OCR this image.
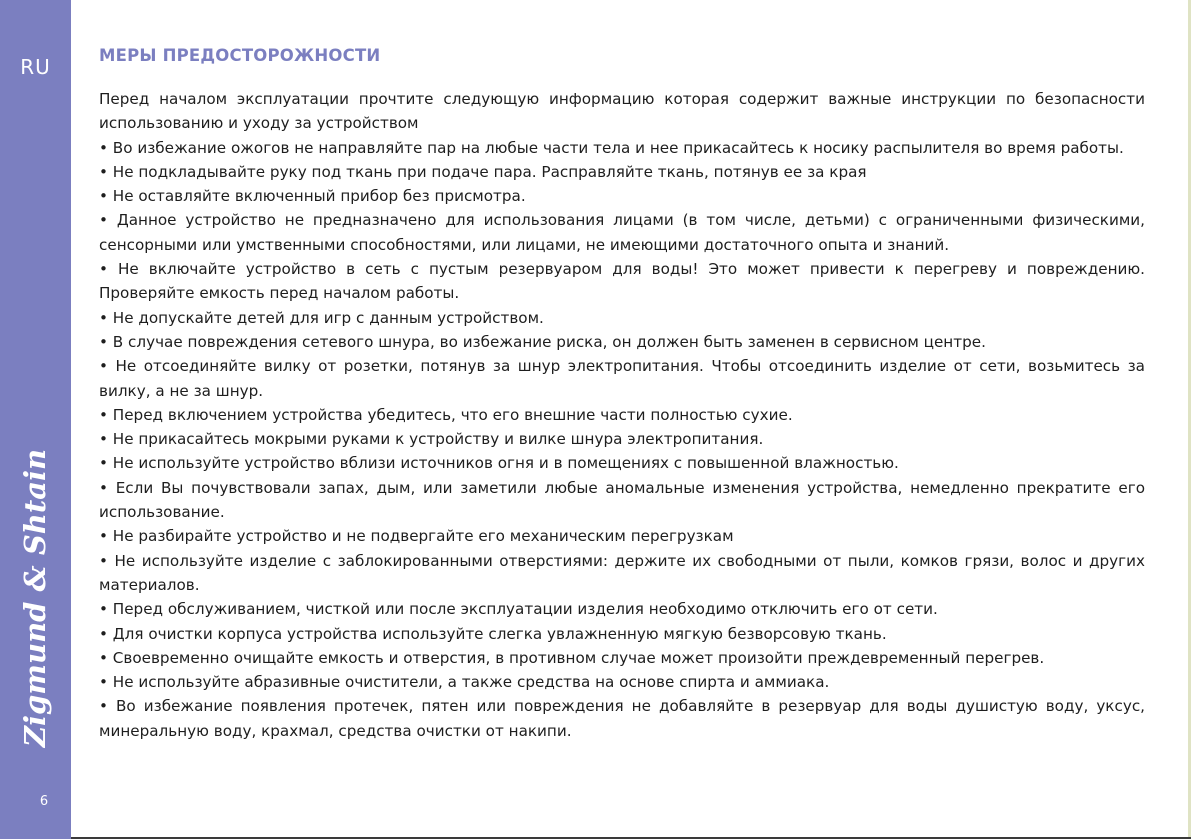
RU
Zigmund & Shtain
6
МЕРЫ ПРЕДОСТОРОЖНОСТИ

Перед началом эксплуатации прочтите следующую информацию которая содержит важные инструкции по безопасности использованию и уходу за устройством

• Во избежание ожогов не направляйте пар на любые части тела и нее прикасайтесь к носику распылителя во время работы.

• Не подкладывайте руку под ткань при подаче пара. Расправляйте ткань, потянув ее за края

• Не оставляйте включенный прибор без присмотра.

• Данное устройство не предназначено для использования лицами (в том числе, детьми) с ограниченными физическими, сенсорными или умственными способностями, или лицами, не имеющими достаточного опыта и знаний.

• Не включайте устройство в сеть с пустым резервуаром для воды! Это может привести к перегреву и повреждению. Проверяйте емкость перед началом работы.

• Не допускайте детей для игр с данным устройством.

• В случае повреждения сетевого шнура, во избежание риска, он должен быть заменен в сервисном центре.

• Не отсоединяйте вилку от розетки, потянув за шнур электропитания. Чтобы отсоединить изделие от сети, возьмитесь за вилку, а не за шнур.

• Перед включением устройства убедитесь, что его внешние части полностью сухие.

• Не прикасайтесь мокрыми руками к устройству и вилке шнура электропитания.

• Не используйте устройство вблизи источников огня и в помещениях с повышенной влажностью.

• Если Вы почувствовали запах, дым, или заметили любые аномальные изменения устройства, немедленно прекратите его использование.

• Не разбирайте устройство и не подвергайте его механическим перегрузкам

• Не используйте изделие с заблокированными отверстиями: держите их свободными от пыли, комков грязи, волос и других материалов.

• Перед обслуживанием, чисткой или после эксплуатации изделия необходимо отключить его от сети.

• Для очистки корпуса устройства используйте слегка увлажненную мягкую безворсовую ткань.

• Своевременно очищайте емкость и отверстия, в противном случае может произойти преждевременный перегрев.

• Не используйте абразивные очистители, а также средства на основе спирта и аммиака.

• Во избежание появления протечек, пятен или повреждения не добавляйте в резервуар для воды душистую воду, уксус, минеральную воду, крахмал, средства очистки от накипи.
